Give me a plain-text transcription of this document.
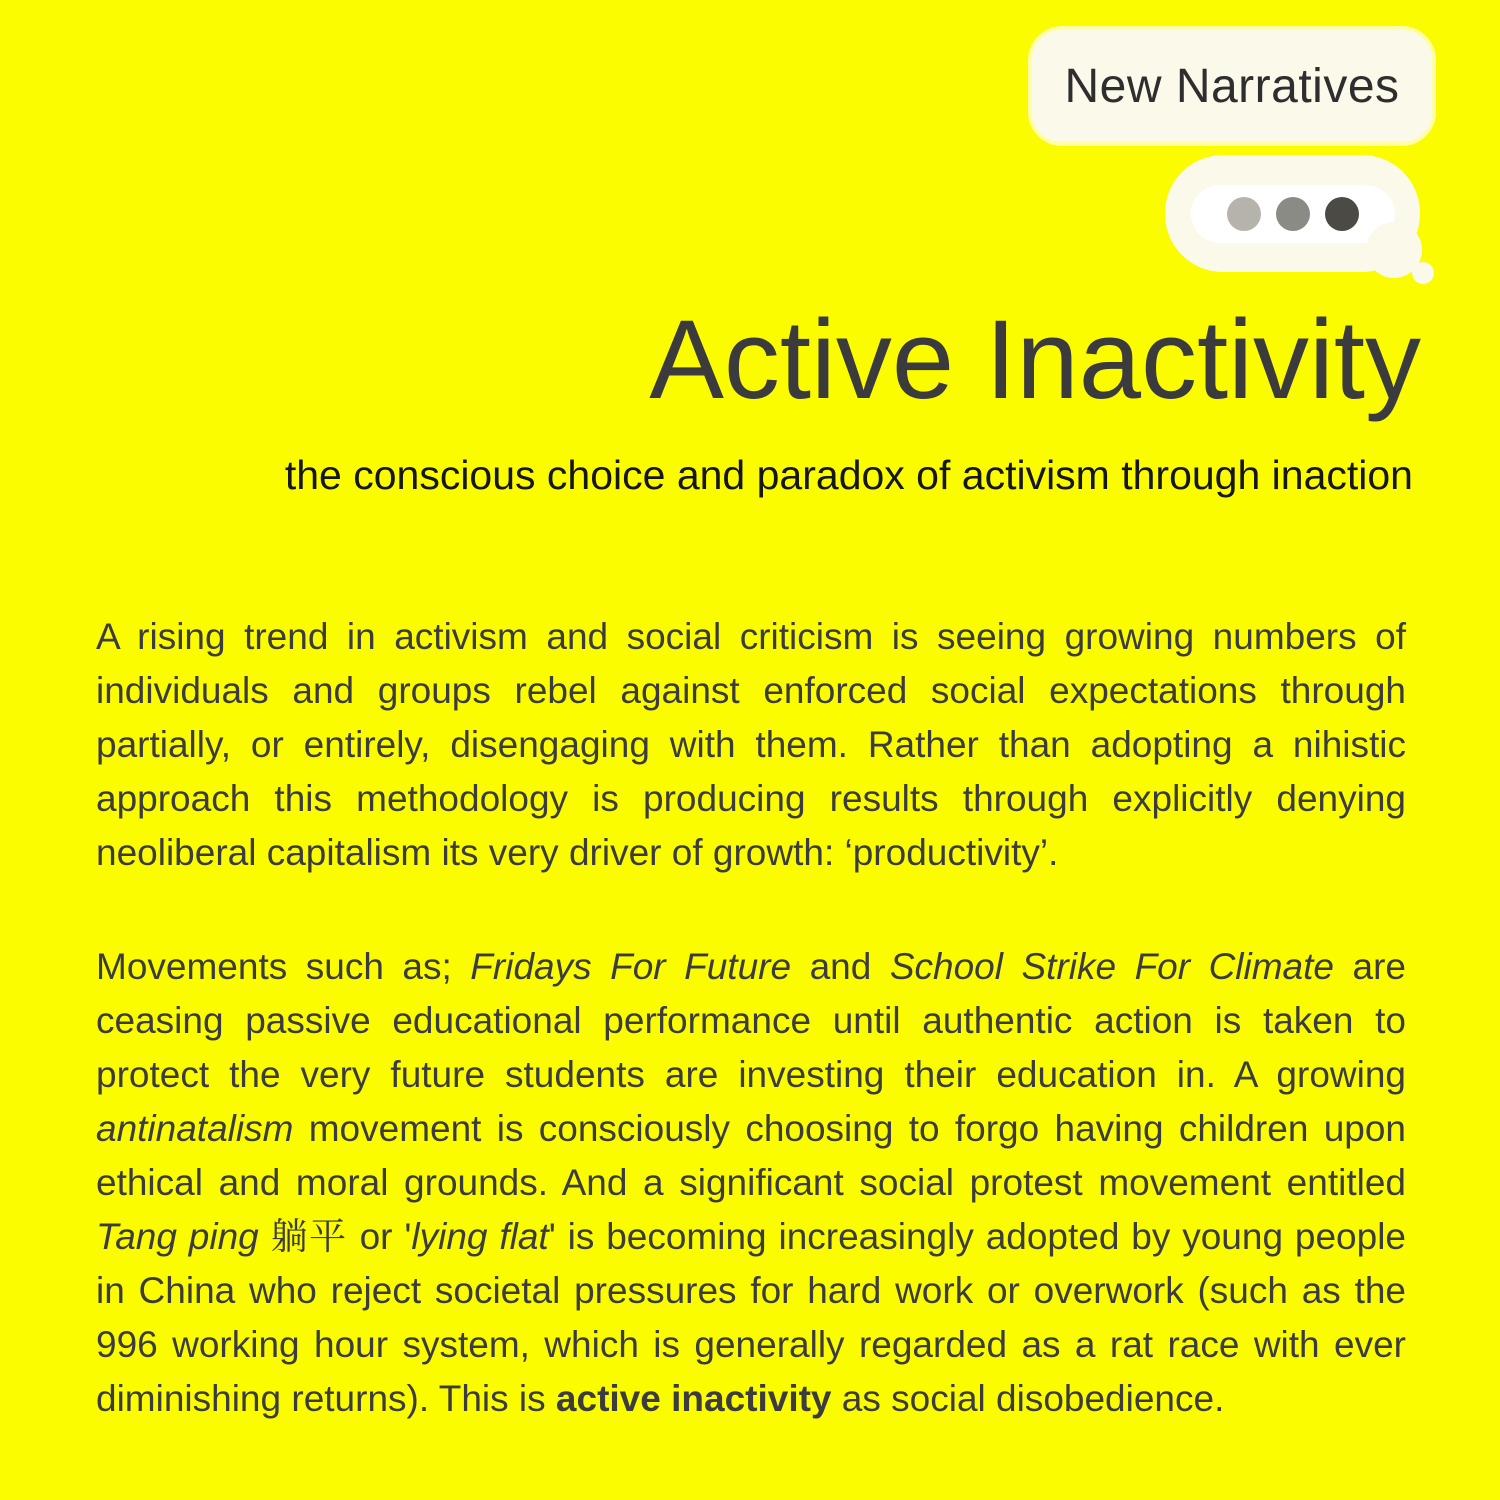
New Narratives
Active Inactivity
the conscious choice and paradox of activism through inaction

A rising trend in activism and social criticism is seeing growing numbers of individuals and groups rebel against enforced social expectations through partially, or entirely, disengaging with them. Rather than adopting a nihistic approach this methodology is producing results through explicitly denying neoliberal capitalism its very driver of growth: ‘productivity’.

Movements such as; Fridays For Future and School Strike For Climate are ceasing passive educational performance until authentic action is taken to protect the very future students are investing their education in. A growing antinatalism movement is consciously choosing to forgo having children upon ethical and moral grounds. And a significant social protest movement entitled Tang ping 躺平 or 'lying flat' is becoming increasingly adopted by young people in China who reject societal pressures for hard work or overwork (such as the 996 working hour system, which is generally regarded as a rat race with ever diminishing returns). This is active inactivity as social disobedience.
